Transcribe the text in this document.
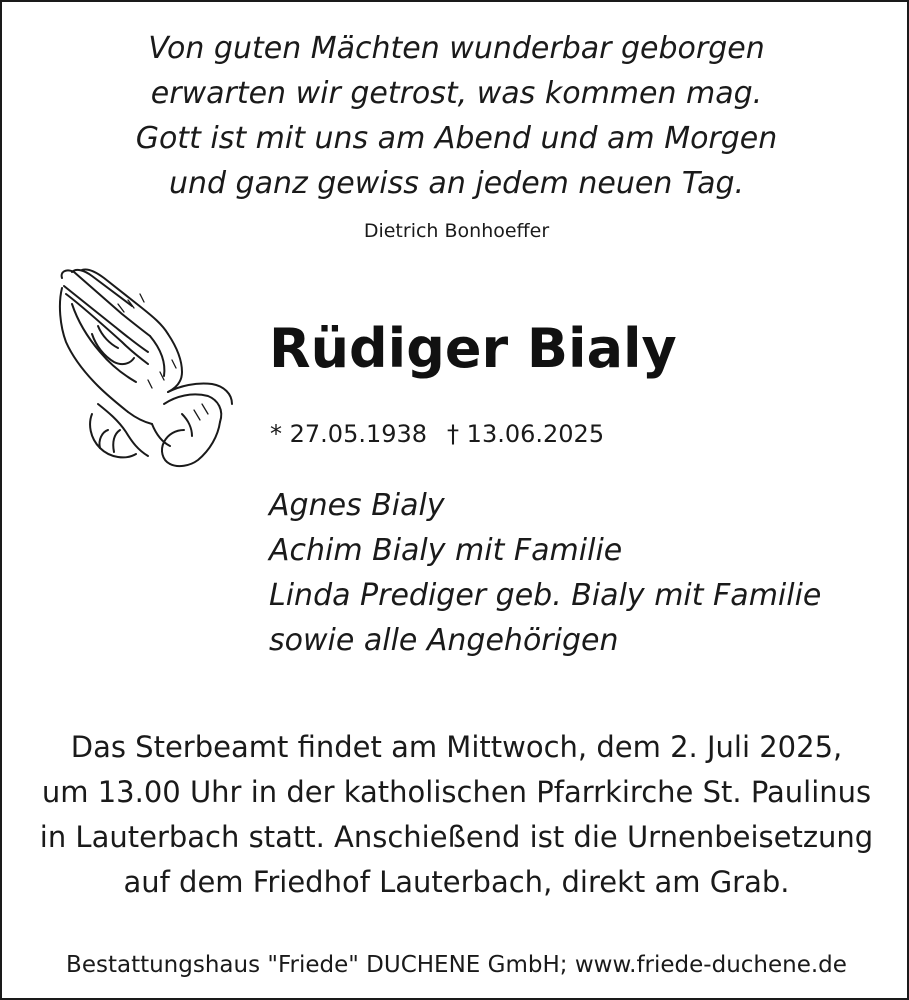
Von guten Mächten wunderbar geborgen
erwarten wir getrost, was kommen mag.
Gott ist mit uns am Abend und am Morgen
und ganz gewiss an jedem neuen Tag.
Dietrich Bonhoeffer
Rüdiger Bialy
* 27.05.1938 † 13.06.2025
Agnes Bialy
Achim Bialy mit Familie
Linda Prediger geb. Bialy mit Familie
sowie alle Angehörigen
Das Sterbeamt findet am Mittwoch, dem 2. Juli 2025,
um 13.00 Uhr in der katholischen Pfarrkirche St. Paulinus
in Lauterbach statt. Anschießend ist die Urnenbeisetzung
auf dem Friedhof Lauterbach, direkt am Grab.
Bestattungshaus "Friede" DUCHENE GmbH; www.friede-duchene.de
